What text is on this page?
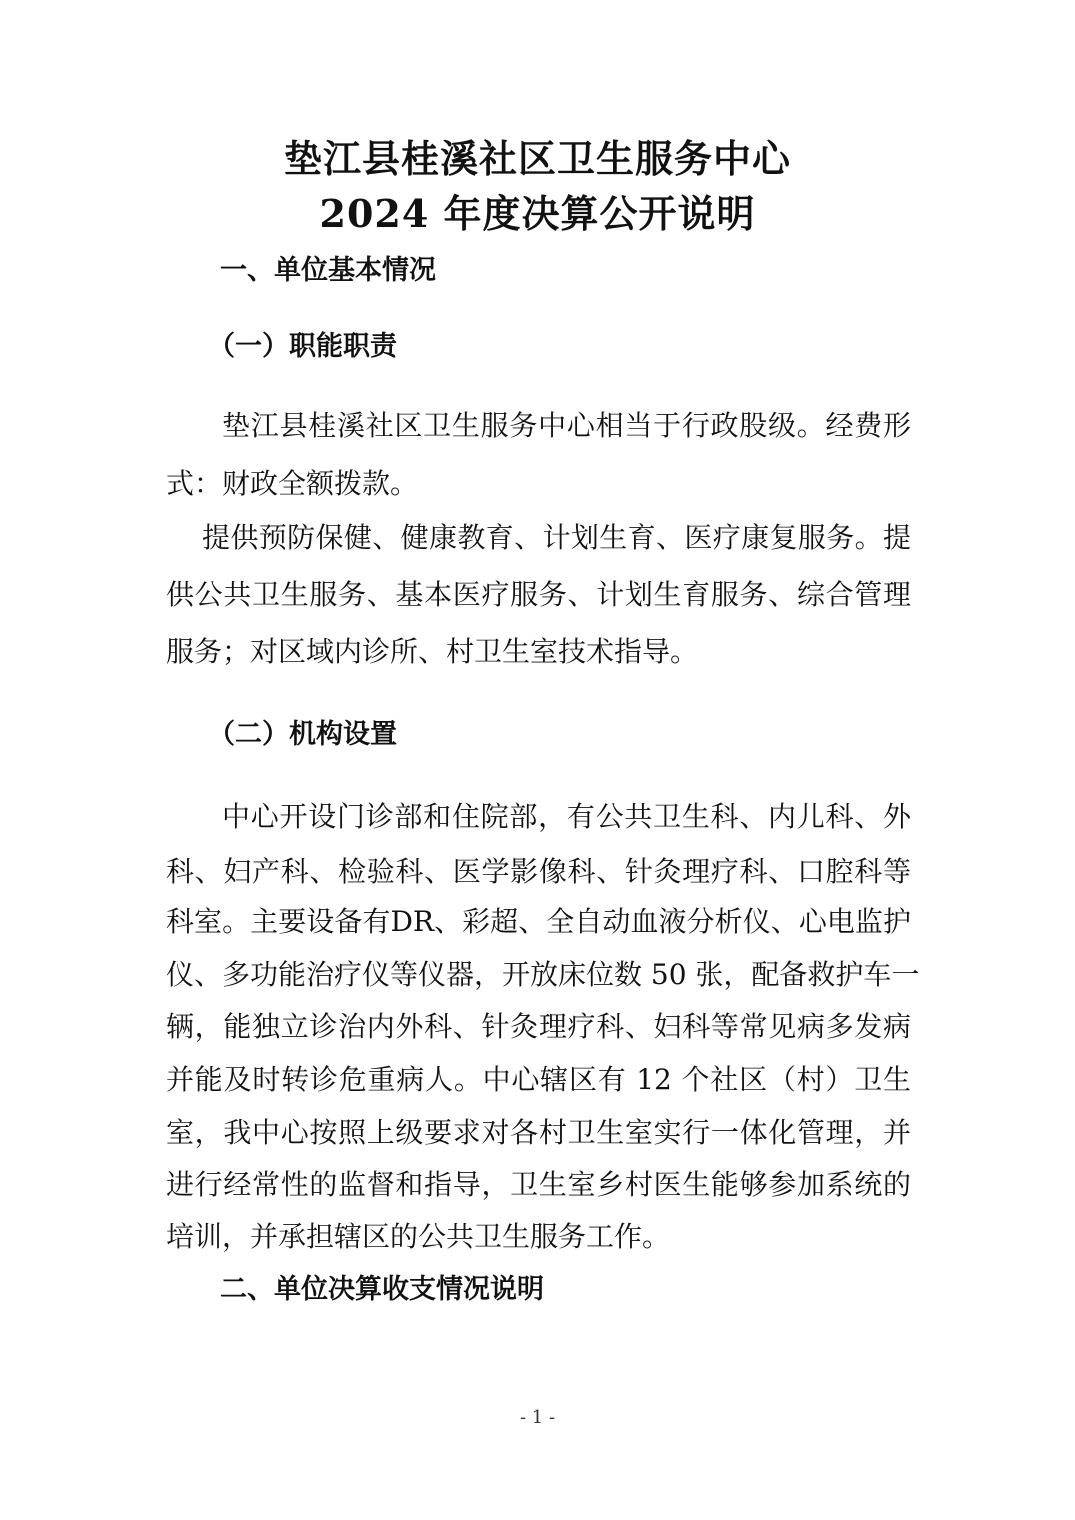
垫江县桂溪社区卫生服务中心
2024 年度决算公开说明
一、单位基本情况
（一）职能职责
垫江县桂溪社区卫生服务中心相当于行政股级。经费形
式：财政全额拨款。
提供预防保健、健康教育、计划生育、医疗康复服务。提
供公共卫生服务、基本医疗服务、计划生育服务、综合管理
服务；对区域内诊所、村卫生室技术指导。
（二）机构设置
中心开设门诊部和住院部，有公共卫生科、内儿科、外
科、妇产科、检验科、医学影像科、针灸理疗科、口腔科等
科室。主要设备有DR、彩超、全自动血液分析仪、心电监护
仪、多功能治疗仪等仪器，开放床位数 50 张，配备救护车一
辆，能独立诊治内外科、针灸理疗科、妇科等常见病多发病
并能及时转诊危重病人。中心辖区有 12 个社区（村）卫生
室，我中心按照上级要求对各村卫生室实行一体化管理，并
进行经常性的监督和指导，卫生室乡村医生能够参加系统的
培训，并承担辖区的公共卫生服务工作。
二、单位决算收支情况说明
- 1 -
